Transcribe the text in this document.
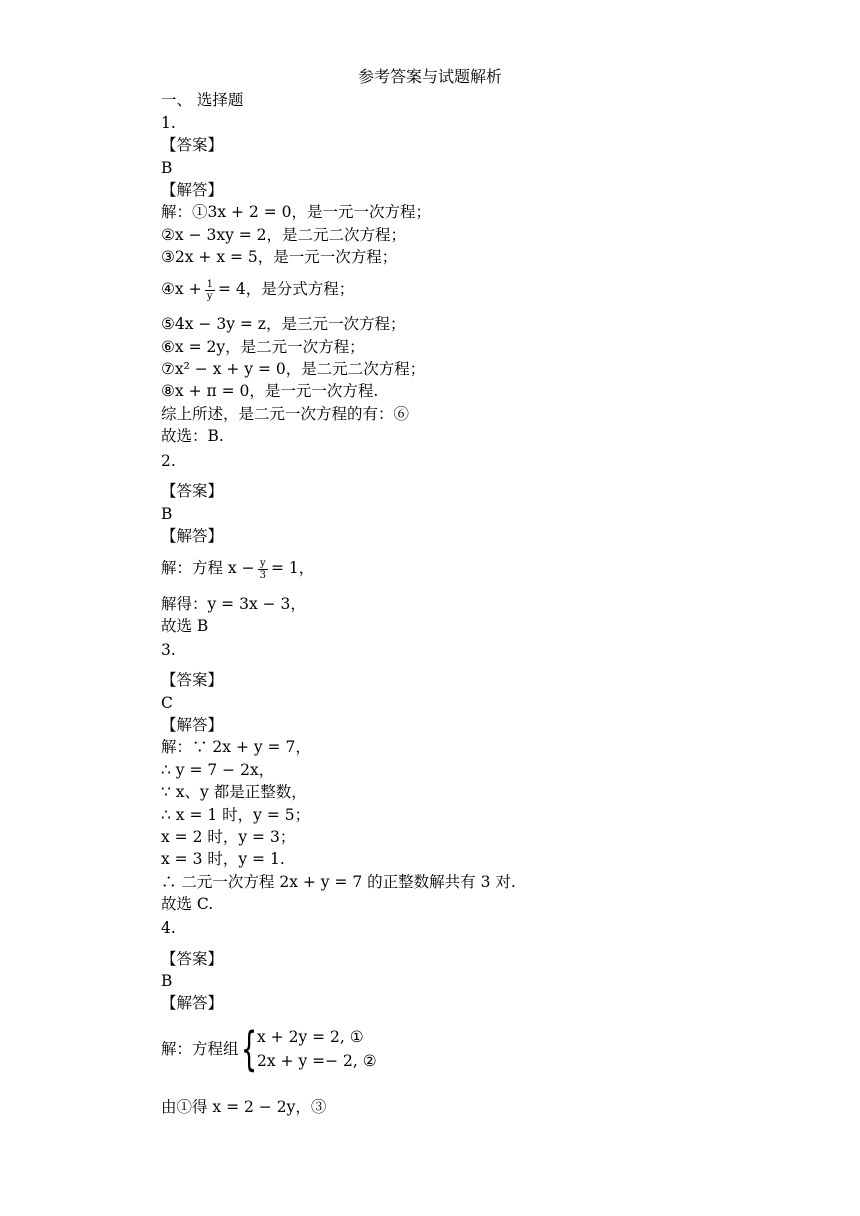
参考答案与试题解析
一、 选择题
1.
【答案】
B
【解答】
解：①3x + 2 = 0，是一元一次方程；
②x − 3xy = 2，是二元二次方程；
③2x + x = 5，是一元一次方程；
④x + $\frac{1}{y} = 4$，是分式方程；
⑤4x − 3y = z，是三元一次方程；
⑥x = 2y，是二元一次方程；
⑦x² − x + y = 0，是二元二次方程；
⑧x + π = 0，是一元一次方程.
综上所述，是二元一次方程的有：⑥
故选：B.
2.
【答案】
B
【解答】
解：方程 $x - \frac{y}{3} = 1$，
解得：y = 3x − 3，
故选 B
3.
【答案】
C
【解答】
解：∵ 2x + y = 7，
∴ y = 7 − 2x，
∵ x、y 都是正整数，
∴ x = 1 时，y = 5；
x = 2 时，y = 3；
x = 3 时，y = 1.
∴ 二元一次方程 2x + y = 7 的正整数解共有 3 对.
故选 C.
4.
【答案】
B
【解答】
解：方程组 { x + 2y = 2, ①
2x + y =− 2, ②
由①得 x = 2 − 2y，③
